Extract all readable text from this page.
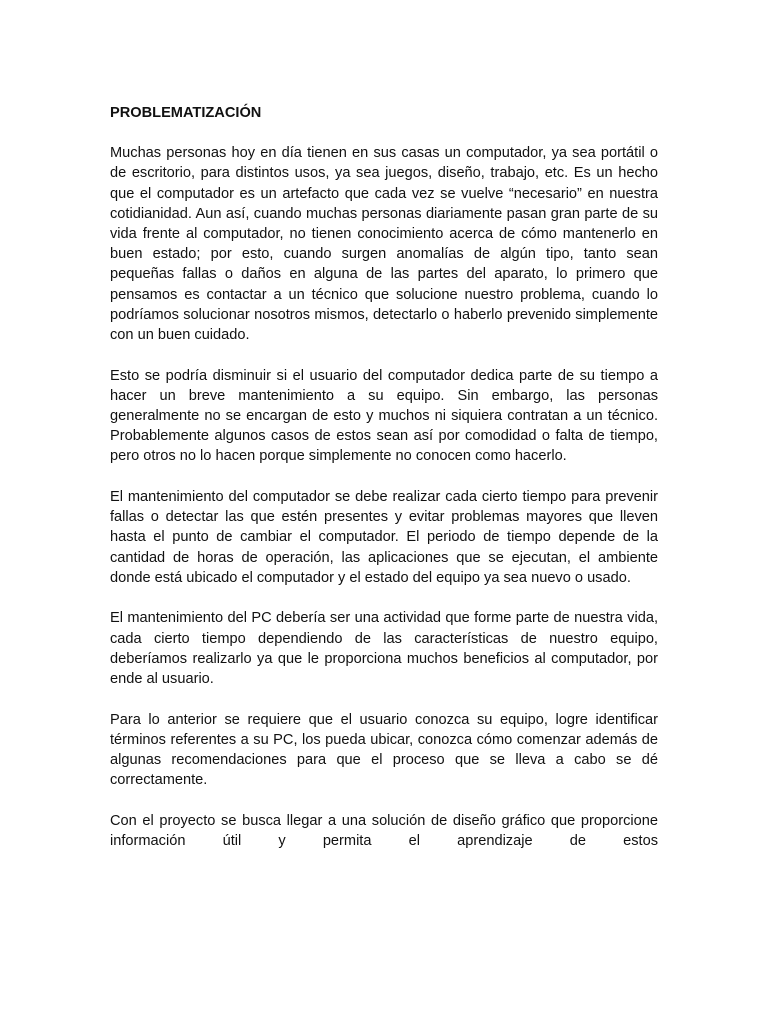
PROBLEMATIZACIÓN

Muchas personas hoy en día tienen en sus casas un computador, ya sea portátil o de escritorio, para distintos usos, ya sea juegos, diseño, trabajo, etc. Es un hecho que el computador es un artefacto que cada vez se vuelve “necesario” en nuestra cotidianidad. Aun así, cuando muchas personas diariamente pasan gran parte de su vida frente al computador, no tienen conocimiento acerca de cómo mantenerlo en buen estado; por esto, cuando surgen anomalías de algún tipo, tanto sean pequeñas fallas o daños en alguna de las partes del aparato, lo primero que pensamos es contactar a un técnico que solucione nuestro problema, cuando lo podríamos solucionar nosotros mismos, detectarlo o haberlo prevenido simplemente con un buen cuidado.

Esto se podría disminuir si el usuario del computador dedica parte de su tiempo a hacer un breve mantenimiento a su equipo. Sin embargo, las personas generalmente no se encargan de esto y muchos ni siquiera contratan a un técnico. Probablemente algunos casos de estos sean así por comodidad o falta de tiempo, pero otros no lo hacen porque simplemente no conocen como hacerlo.

El mantenimiento del computador se debe realizar cada cierto tiempo para prevenir fallas o detectar las que estén presentes y evitar problemas mayores que lleven hasta el punto de cambiar el computador. El periodo de tiempo depende de la cantidad de horas de operación, las aplicaciones que se ejecutan, el ambiente donde está ubicado el computador y el estado del equipo ya sea nuevo o usado.

El mantenimiento del PC debería ser una actividad que forme parte de nuestra vida, cada cierto tiempo dependiendo de las características de nuestro equipo, deberíamos realizarlo ya que le proporciona muchos beneficios al computador, por ende al usuario.

Para lo anterior se requiere que el usuario conozca su equipo, logre identificar términos referentes a su PC, los pueda ubicar, conozca cómo comenzar además de algunas recomendaciones para que el proceso que se lleva a cabo se dé correctamente.

Con el proyecto se busca llegar a una solución de diseño gráfico que proporcione información útil y permita el aprendizaje de estos
